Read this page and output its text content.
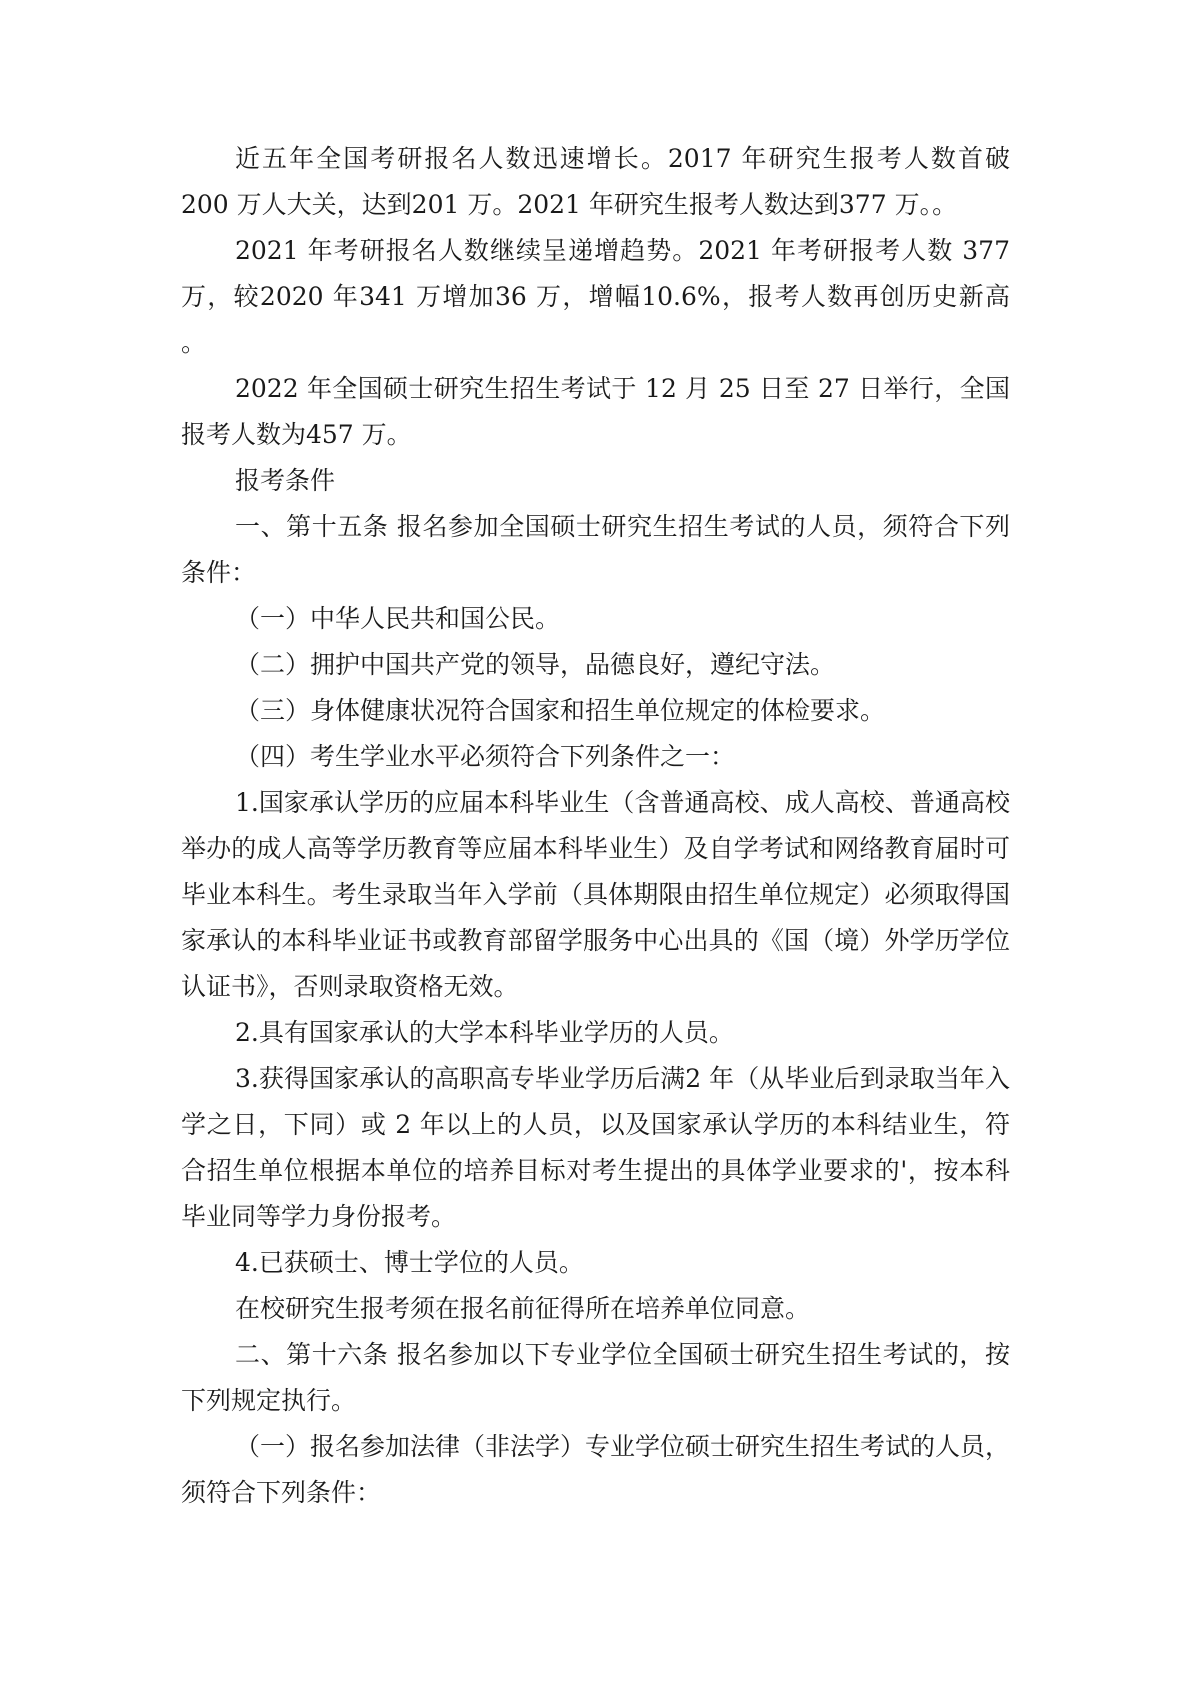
近五年全国考研报名人数迅速增长。2017 年研究生报考人数首破 200 万人大关，达到201 万。2021 年研究生报考人数达到377 万。。

2021 年考研报名人数继续呈递增趋势。2021 年考研报考人数 377 万，较2020 年341 万增加36 万，增幅10.6%，报考人数再创历史新高 。

2022 年全国硕士研究生招生考试于 12 月 25 日至 27 日举行，全国报考人数为457 万。

报考条件

一、第十五条 报名参加全国硕士研究生招生考试的人员，须符合下列条件：

（一）中华人民共和国公民。

（二）拥护中国共产党的领导，品德良好，遵纪守法。

（三）身体健康状况符合国家和招生单位规定的体检要求。

（四）考生学业水平必须符合下列条件之一：

1.国家承认学历的应届本科毕业生（含普通高校、成人高校、普通高校举办的成人高等学历教育等应届本科毕业生）及自学考试和网络教育届时可毕业本科生。考生录取当年入学前（具体期限由招生单位规定）必须取得国家承认的本科毕业证书或教育部留学服务中心出具的《国（境）外学历学位认证书》，否则录取资格无效。

2.具有国家承认的大学本科毕业学历的人员。

3.获得国家承认的高职高专毕业学历后满2 年（从毕业后到录取当年入学之日，下同）或 2 年以上的人员，以及国家承认学历的本科结业生，符合招生单位根据本单位的培养目标对考生提出的具体学业要求的'，按本科毕业同等学力身份报考。

4.已获硕士、博士学位的人员。

在校研究生报考须在报名前征得所在培养单位同意。

二、第十六条 报名参加以下专业学位全国硕士研究生招生考试的，按下列规定执行。

（一）报名参加法律（非法学）专业学位硕士研究生招生考试的人员，须符合下列条件：
